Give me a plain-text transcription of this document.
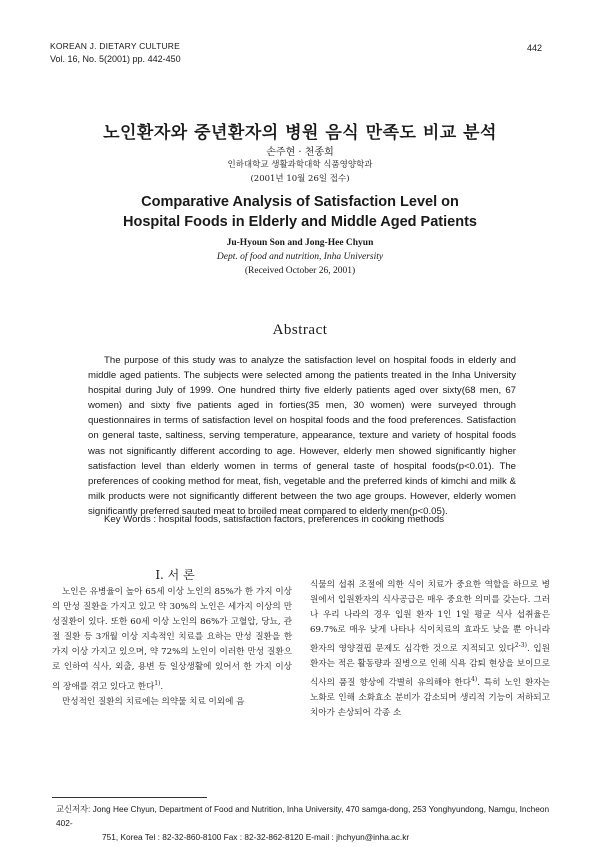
KOREAN J. DIETARY CULTURE
Vol. 16, No. 5(2001) pp. 442-450
442
노인환자와 중년환자의 병원 음식 만족도 비교 분석
손주현 · 천종희
인하대학교 생활과학대학 식품영양학과
(2001년 10월 26일 접수)
Comparative Analysis of Satisfaction Level on
Hospital Foods in Elderly and Middle Aged Patients
Ju-Hyoun Son and Jong-Hee Chyun
Dept. of food and nutrition, Inha University
(Received October 26, 2001)
Abstract

The purpose of this study was to analyze the satisfaction level on hospital foods in elderly and middle aged patients. The subjects were selected among the patients treated in the Inha University hospital during July of 1999. One hundred thirty five elderly patients aged over sixty(68 men, 67 women) and sixty five patients aged in forties(35 men, 30 women) were surveyed through questionnaires in terms of satisfaction level on hospital foods and the food preferences. Satisfaction on general taste, saltiness, serving temperature, appearance, texture and variety of hospital foods was not significantly different according to age. However, elderly men showed significantly higher satisfaction level than elderly women in terms of general taste of hospital foods(p<0.01). The preferences of cooking method for meat, fish, vegetable and the preferred kinds of kimchi and milk & milk products were not significantly different between the two age groups. However, elderly women significantly preferred sauted meat to broiled meat compared to elderly men(p<0.05).

Key Words : hospital foods, satisfaction factors, preferences in cooking methods
I. 서 론

노인은 유병율이 높아 65세 이상 노인의 85%가 한 가지 이상의 만성 질환을 가지고 있고 약 30%의 노인은 세가지 이상의 만성질환이 있다. 또한 60세 이상 노인의 86%가 고혈압, 당뇨, 관절 질환 등 3개월 이상 지속적인 치료를 요하는 만성 질환을 한 가지 이상 가지고 있으며, 약 72%의 노인이 이러한 만성 질환으로 인하여 식사, 외출, 용변 등 일상생활에 있어서 한 가지 이상의 장애를 겪고 있다고 한다$^{1)}$.

만성적인 질환의 치료에는 의약물 치료 이외에 음

식물의 섭취 조절에 의한 식이 치료가 중요한 역할을 하므로 병원에서 입원환자의 식사공급은 매우 중요한 의미를 갖는다. 그러나 우리 나라의 경우 입원 환자 1인 1일 평균 식사 섭취율은 69.7%로 매우 낮게 나타나 식이치료의 효과도 낮을 뿐 아니라 환자의 영양결핍 문제도 심각한 것으로 지적되고 있다$^{2-3)}$. 입원 환자는 적은 활동량과 질병으로 인해 식욕 감퇴 현상을 보이므로 식사의 품질 향상에 각별히 유의해야 한다$^{4)}$. 특히 노인 환자는 노화로 인해 소화효소 분비가 감소되며 생리적 기능이 저하되고 치아가 손상되어 각종 소

교신저자: Jong Hee Chyun, Department of Food and Nutrition, Inha University, 470 samga-dong, 253 Yonghyundong, Namgu, Incheon 402-
751, Korea Tel : 82-32-860-8100 Fax : 82-32-862-8120 E-mail : jhchyun@inha.ac.kr
